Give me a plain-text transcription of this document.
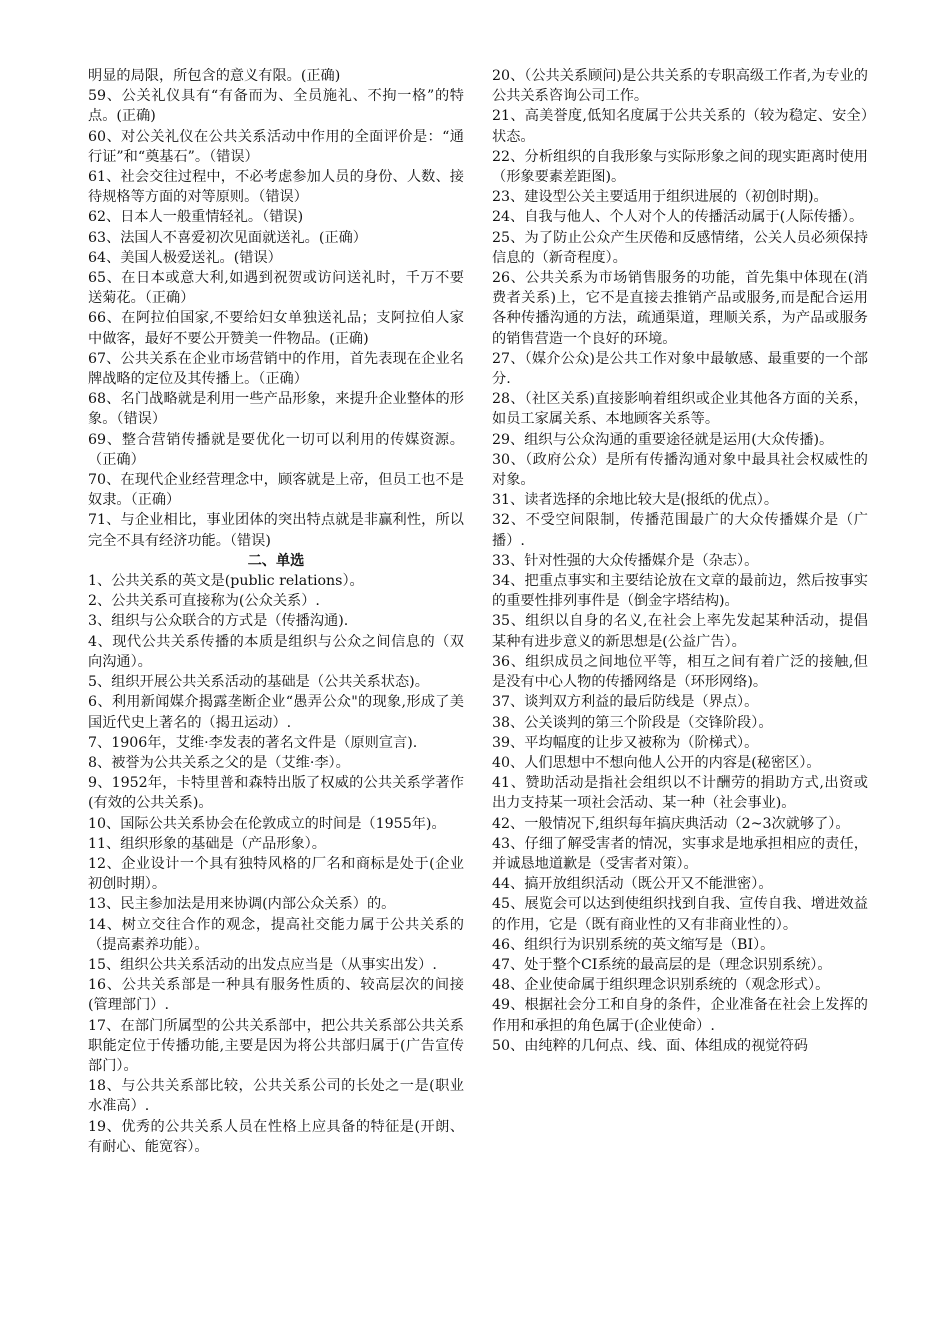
明显的局限，所包含的意义有限。(正确)

59、公关礼仪具有“有备而为、全员施礼、不拘一格”的特点。(正确)

60、对公关礼仪在公共关系活动中作用的全面评价是：“通行证”和“奠基石”。（错误）

61、社会交往过程中，不必考虑参加人员的身份、人数、接待规格等方面的对等原则。（错误）

62、日本人一般重情轻礼。（错误)

63、法国人不喜爱初次见面就送礼。(正确）

64、美国人极爱送礼。(错误）

65、在日本或意大利,如遇到祝贺或访问送礼时，千万不要送菊花。（正确）

66、在阿拉伯国家,不要给妇女单独送礼品；支阿拉伯人家中做客，最好不要公开赞美一件物品。(正确)

67、公共关系在企业市场营销中的作用，首先表现在企业名牌战略的定位及其传播上。（正确）

68、名门战略就是利用一些产品形象，来提升企业整体的形象。（错误）

69、整合营销传播就是要优化一切可以利用的传媒资源。（正确）

70、在现代企业经营理念中，顾客就是上帝，但员工也不是奴隶。（正确）

71、与企业相比，事业团体的突出特点就是非赢利性，所以完全不具有经济功能。（错误)

二、单选

1、公共关系的英文是(public relations）。

2、公共关系可直接称为(公众关系）.

3、组织与公众联合的方式是（传播沟通).

4、现代公共关系传播的本质是组织与公众之间信息的（双向沟通）。

5、组织开展公共关系活动的基础是（公共关系状态)。

6、利用新闻媒介揭露垄断企业“愚弄公众"的现象,形成了美国近代史上著名的（揭丑运动）.

7、1906年，艾维·李发表的著名文件是（原则宣言).

8、被誉为公共关系之父的是（艾维·李）。

9、1952年，卡特里普和森特出版了权威的公共关系学著作(有效的公共关系)。

10、国际公共关系协会在伦敦成立的时间是（1955年)。

11、组织形象的基础是（产品形象）。

12、企业设计一个具有独特风格的厂名和商标是处于(企业初创时期）。

13、民主参加法是用来协调(内部公众关系）的。

14、树立交往合作的观念，提高社交能力属于公共关系的（提高素养功能）。

15、组织公共关系活动的出发点应当是（从事实出发）.

16、公共关系部是一种具有服务性质的、较高层次的间接(管理部门）.

17、在部门所属型的公共关系部中，把公共关系部公共关系职能定位于传播功能,主要是因为将公共部归属于(广告宣传部门）。

18、与公共关系部比较，公共关系公司的长处之一是(职业水准高）.

19、优秀的公共关系人员在性格上应具备的特征是(开朗、有耐心、能宽容）。

20、（公共关系顾问)是公共关系的专职高级工作者,为专业的公共关系咨询公司工作。

21、高美誉度,低知名度属于公共关系的（较为稳定、安全）状态。

22、分析组织的自我形象与实际形象之间的现实距离时使用（形象要素差距图)。

23、建设型公关主要适用于组织进展的（初创时期)。

24、自我与他人、个人对个人的传播活动属于(人际传播）。

25、为了防止公众产生厌倦和反感情绪，公关人员必须保持信息的（新奇程度）。

26、公共关系为市场销售服务的功能，首先集中体现在(消费者关系)上，它不是直接去推销产品或服务,而是配合运用各种传播沟通的方法，疏通渠道，理顺关系，为产品或服务的销售营造一个良好的环境。

27、（媒介公众)是公共工作对象中最敏感、最重要的一个部分.

28、（社区关系)直接影响着组织或企业其他各方面的关系，如员工家属关系、本地顾客关系等。

29、组织与公众沟通的重要途径就是运用(大众传播)。

30、（政府公众）是所有传播沟通对象中最具社会权威性的对象。

31、读者选择的余地比较大是(报纸的优点）。

32、不受空间限制，传播范围最广的大众传播媒介是（广播）.

33、针对性强的大众传播媒介是（杂志）。

34、把重点事实和主要结论放在文章的最前边，然后按事实的重要性排列事件是（倒金字塔结构)。

35、组织以自身的名义,在社会上率先发起某种活动，提倡某种有进步意义的新思想是(公益广告）。

36、组织成员之间地位平等，相互之间有着广泛的接触,但是没有中心人物的传播网络是（环形网络)。

37、谈判双方利益的最后防线是（界点）。

38、公关谈判的第三个阶段是（交锋阶段）。

39、平均幅度的让步又被称为（阶梯式）。

40、人们思想中不想向他人公开的内容是(秘密区）。

41、赞助活动是指社会组织以不计酬劳的捐助方式,出资或出力支持某一项社会活动、某一种（社会事业)。

42、一般情况下,组织每年搞庆典活动（2~3次就够了）。

43、仔细了解受害者的情况，实事求是地承担相应的责任，并诚恳地道歉是（受害者对策）。

44、搞开放组织活动（既公开又不能泄密）。

45、展览会可以达到使组织找到自我、宣传自我、增进效益的作用，它是（既有商业性的又有非商业性的）。

46、组织行为识别系统的英文缩写是（BI）。

47、处于整个CI系统的最高层的是（理念识别系统）。

48、企业使命属于组织理念识别系统的（观念形式）。

49、根据社会分工和自身的条件，企业准备在社会上发挥的作用和承担的角色属于(企业使命）.

50、由纯粹的几何点、线、面、体组成的视觉符码
